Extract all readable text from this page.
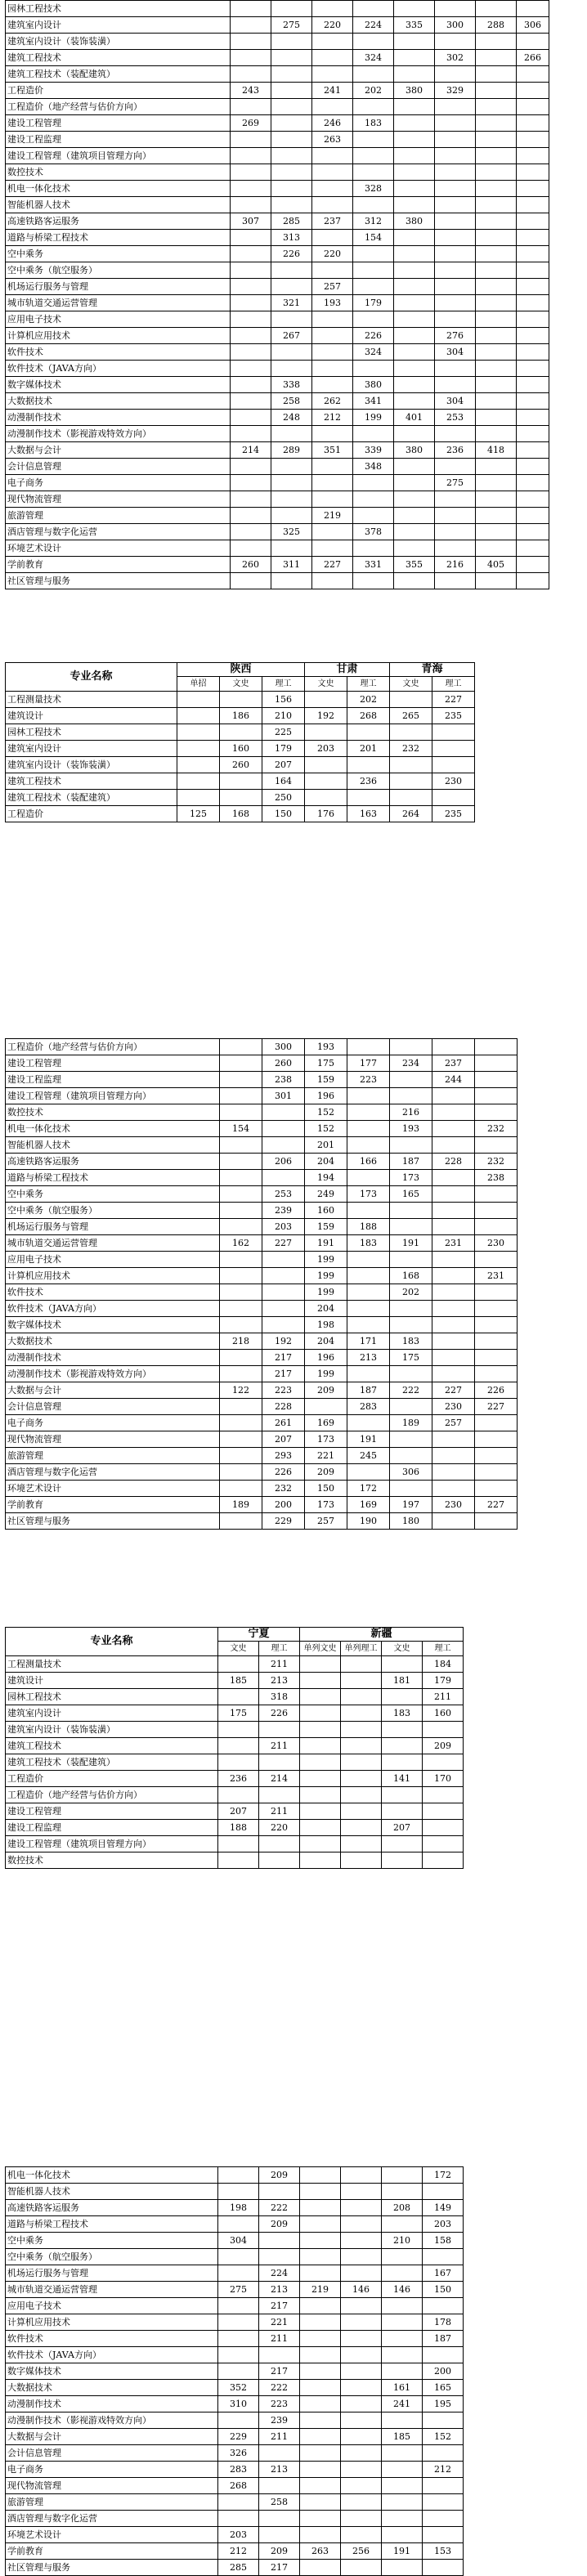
园林工程技术									
建筑室内设计		275	220	224	335	300	288	306	
建筑室内设计（装饰装潢）									
建筑工程技术				324		302		266	
建筑工程技术（装配建筑）									
工程造价	243		241	202	380	329			
工程造价（地产经营与估价方向）									
建设工程管理	269		246	183					
建设工程监理			263						
建设工程管理（建筑项目管理方向）									
数控技术									
机电一体化技术				328					
智能机器人技术									
高速铁路客运服务	307	285	237	312	380				
道路与桥梁工程技术		313		154					
空中乘务		226	220						
空中乘务（航空服务）									
机场运行服务与管理			257						
城市轨道交通运营管理		321	193	179					
应用电子技术									
计算机应用技术		267		226		276			
软件技术				324		304			
软件技术（JAVA方向）									
数字媒体技术		338		380					
大数据技术		258	262	341		304			
动漫制作技术		248	212	199	401	253			
动漫制作技术（影视游戏特效方向）									
大数据与会计	214	289	351	339	380	236	418		
会计信息管理				348					
电子商务						275			
现代物流管理									
旅游管理			219						
酒店管理与数字化运营		325		378					
环境艺术设计									
学前教育	260	311	227	331	355	216	405		
社区管理与服务									
专业名称	陕西			甘肃		青海	
	单招	文史	理工	文史	理工	文史	理工
工程测量技术			156		202		227
建筑设计		186	210	192	268	265	235
园林工程技术			225				
建筑室内设计		160	179	203	201	232	
建筑室内设计（装饰装潢）		260	207				
建筑工程技术			164		236		230
建筑工程技术（装配建筑）			250				
工程造价	125	168	150	176	163	264	235
工程造价（地产经营与估价方向）		300	193				
建设工程管理		260	175	177	234	237	
建设工程监理		238	159	223		244	
建设工程管理（建筑项目管理方向）		301	196				
数控技术			152		216		
机电一体化技术	154		152		193		232
智能机器人技术			201				
高速铁路客运服务		206	204	166	187	228	232
道路与桥梁工程技术			194		173		238
空中乘务		253	249	173	165		
空中乘务（航空服务）		239	160				
机场运行服务与管理		203	159	188			
城市轨道交通运营管理	162	227	191	183	191	231	230
应用电子技术			199				
计算机应用技术			199		168		231
软件技术			199		202		
软件技术（JAVA方向）			204				
数字媒体技术			198				
大数据技术	218	192	204	171	183		
动漫制作技术		217	196	213	175		
动漫制作技术（影视游戏特效方向）		217	199				
大数据与会计	122	223	209	187	222	227	226
会计信息管理		228		283		230	227
电子商务		261	169		189	257	
现代物流管理		207	173	191			
旅游管理		293	221	245			
酒店管理与数字化运营		226	209		306		
环境艺术设计		232	150	172			
学前教育	189	200	173	169	197	230	227
社区管理与服务		229	257	190	180		
专业名称	宁夏		新疆			
	文史	理工	单列文史	单列理工	文史	理工
工程测量技术		211				184
建筑设计	185	213			181	179
园林工程技术		318				211
建筑室内设计	175	226			183	160
建筑室内设计（装饰装潢）						
建筑工程技术		211				209
建筑工程技术（装配建筑）						
工程造价	236	214			141	170
工程造价（地产经营与估价方向）						
建设工程管理	207	211				
建设工程监理	188	220			207	
建设工程管理（建筑项目管理方向）						
数控技术						
机电一体化技术		209				172
智能机器人技术						
高速铁路客运服务	198	222			208	149
道路与桥梁工程技术		209				203
空中乘务	304				210	158
空中乘务（航空服务）						
机场运行服务与管理		224				167
城市轨道交通运营管理	275	213	219	146	146	150
应用电子技术		217				
计算机应用技术		221				178
软件技术		211				187
软件技术（JAVA方向）						
数字媒体技术		217				200
大数据技术	352	222			161	165
动漫制作技术	310	223			241	195
动漫制作技术（影视游戏特效方向）		239				
大数据与会计	229	211			185	152
会计信息管理	326					
电子商务	283	213				212
现代物流管理	268					
旅游管理		258				
酒店管理与数字化运营						
环境艺术设计	203					
学前教育	212	209	263	256	191	153
社区管理与服务	285	217				
